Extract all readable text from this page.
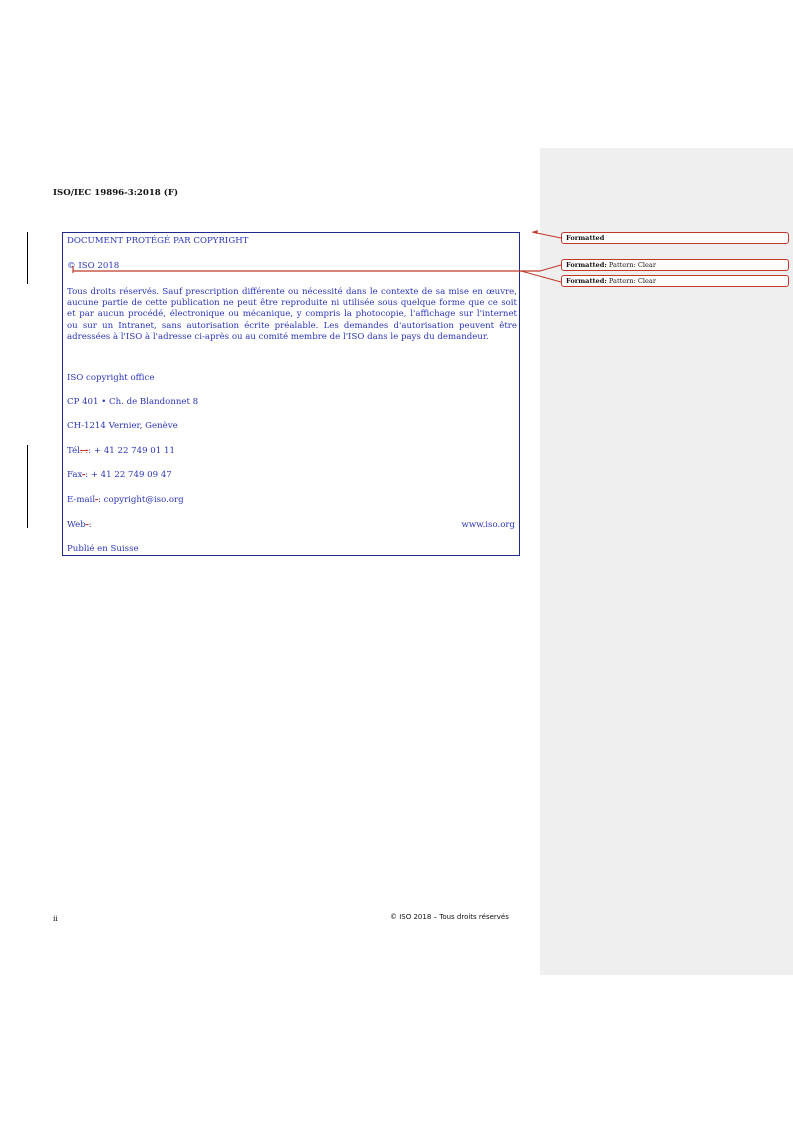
ISO/IEC 19896-3:2018 (F)
DOCUMENT PROTÉGÉ PAR COPYRIGHT
© ISO 2018
Tous droits réservés. Sauf prescription différente ou nécessité dans le contexte de sa mise en œuvre, aucune partie de cette publication ne peut être reproduite ni utilisée sous quelque forme que ce soit et par aucun procédé, électronique ou mécanique, y compris la photocopie, l'affichage sur l'internet ou sur un Intranet, sans autorisation écrite préalable. Les demandes d'autorisation peuvent être adressées à l'ISO à l'adresse ci-après ou au comité membre de l'ISO dans le pays du demandeur.
ISO copyright office
CP 401 • Ch. de Blandonnet 8
CH-1214 Vernier, Genève
Tél. :: + 41 22 749 01 11
Fax-: + 41 22 749 09 47
E-mail-: copyright@iso.org
Web-:	www.iso.org
Publié en Suisse
ii	© ISO 2018 – Tous droits réservés
Formatted
Formatted: Pattern: Clear
Formatted: Pattern: Clear
